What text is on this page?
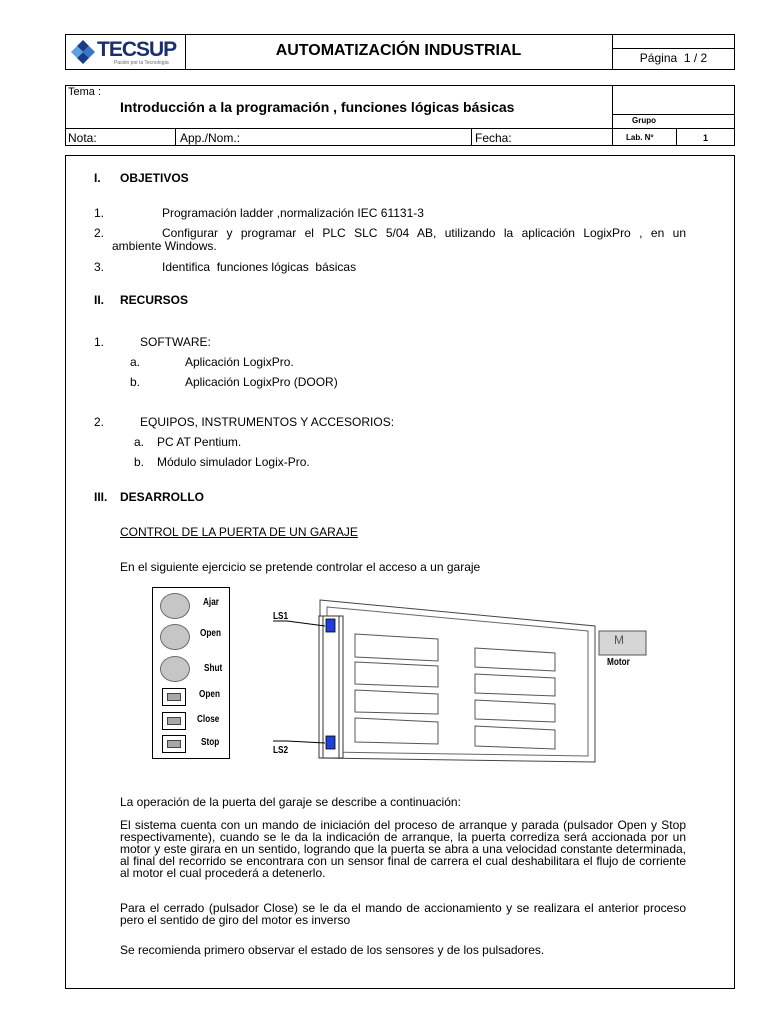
TECSUP
Pasión por la Tecnología
AUTOMATIZACIÓN INDUSTRIAL	Página  1 / 2
Tema :
Introducción a la programación , funciones lógicas básicas
Grupo
Nota:	App./Nom.:	Fecha:	Lab. Nº	1
I. OBJETIVOS
1.	Programación ladder ,normalización IEC 61131-3
2.	Configurar y programar el PLC SLC 5/04 AB, utilizando la aplicación LogixPro , en un
ambiente Windows.
3.	Identifica  funciones lógicas  básicas
II. RECURSOS
1.	SOFTWARE:
a.	Aplicación LogixPro.
b.	Aplicación LogixPro (DOOR)
2.	EQUIPOS, INSTRUMENTOS Y ACCESORIOS:
a. PC AT Pentium.
b. Módulo simulador Logix-Pro.
III. DESARROLLO
CONTROL DE LA PUERTA DE UN GARAJE
En el siguiente ejercicio se pretende controlar el acceso a un garaje
Ajar
Open
Shut
Open
Close
Stop
LS1
LS2
M
Motor
La operación de la puerta del garaje se describe a continuación:
El sistema cuenta con un mando de iniciación del proceso de arranque y parada (pulsador Open y Stop respectivamente), cuando se le da la indicación de arranque, la puerta corrediza será accionada por un motor y este girara en un sentido, logrando que la puerta se abra a una velocidad constante determinada, al final del recorrido se encontrara con un sensor final de carrera el cual deshabilitara el flujo de corriente al motor el cual procederá a detenerlo.
Para el cerrado (pulsador Close) se le da el mando de accionamiento y se realizara el anterior proceso pero el sentido de giro del motor es inverso
Se recomienda primero observar el estado de los sensores y de los pulsadores.
